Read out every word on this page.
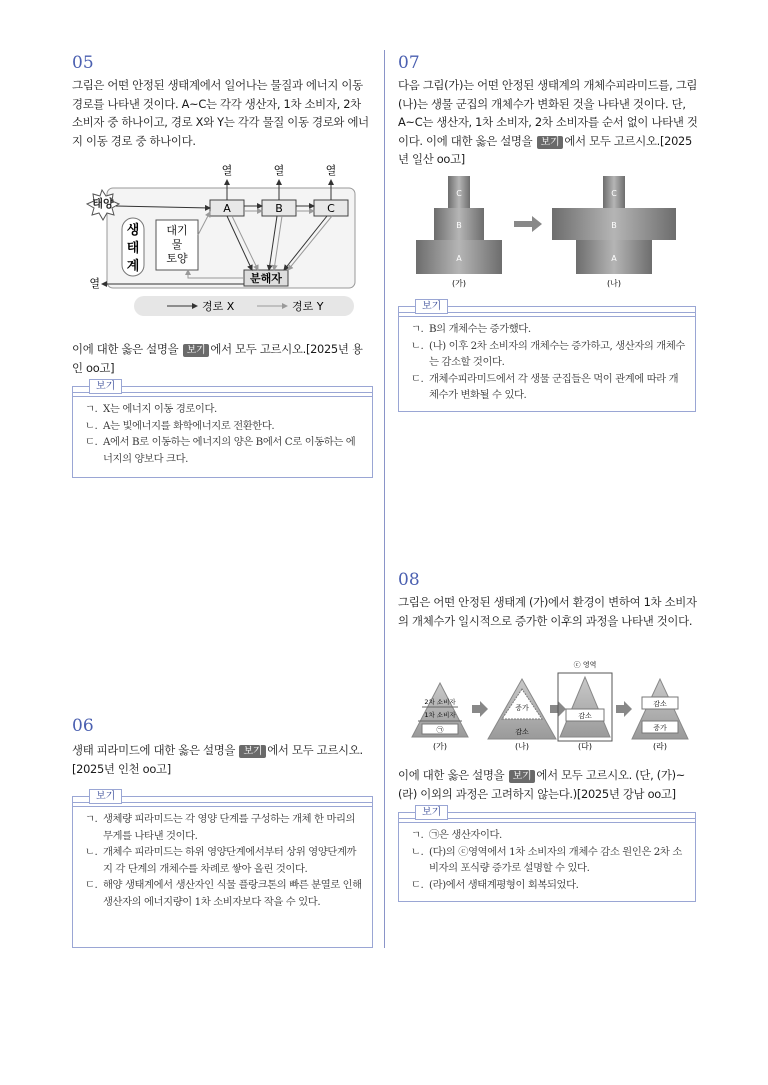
05
그림은 어떤 안정된 생태계에서 일어나는 물질과 에너지 이동 경로를 나타낸 것이다. A~C는 각각 생산자, 1차 소비자, 2차 소비자 중 하나이고, 경로 X와 Y는 각각 물질 이동 경로와 에너지 이동 경로 중 하나이다.
태양
생
태
계
대기
물
토양
A	B	C
열	열	열
분해자
열
경로 X	경로 Y
이에 대한 옳은 설명을 보기 에서 모두 고르시오.[2025년 용인 oo고]
보기
ㄱ. X는 에너지 이동 경로이다.
ㄴ. A는 빛에너지를 화학에너지로 전환한다.
ㄷ. A에서 B로 이동하는 에너지의 양은 B에서 C로 이동하는 에너지의 양보다 크다.
06
생태 피라미드에 대한 옳은 설명을 보기 에서 모두 고르시오.[2025년 인천 oo고]
보기
ㄱ. 생체량 피라미드는 각 영양 단계를 구성하는 개체 한 마리의 무게를 나타낸 것이다.
ㄴ. 개체수 피라미드는 하위 영양단계에서부터 상위 영양단계까지 각 단계의 개체수를 차례로 쌓아 올린 것이다.
ㄷ. 해양 생태계에서 생산자인 식물 플랑크톤의 빠른 분열로 인해 생산자의 에너지량이 1차 소비자보다 작을 수 있다.
07
다음 그림(가)는 어떤 안정된 생태계의 개체수피라미드를, 그림(나)는 생물 군집의 개체수가 변화된 것을 나타낸 것이다. 단, A~C는 생산자, 1차 소비자, 2차 소비자를 순서 없이 나타낸 것이다. 이에 대한 옳은 설명을 보기 에서 모두 고르시오.[2025년 일산 oo고]
C
B
A
(가)
C
B
A
(나)
보기
ㄱ. B의 개체수는 증가했다.
ㄴ. (나) 이후 2차 소비자의 개체수는 증가하고, 생산자의 개체수는 감소할 것이다.
ㄷ. 개체수피라미드에서 각 생물 군집들은 먹이 관계에 따라 개체수가 변화될 수 있다.
08
그림은 어떤 안정된 생태계 (가)에서 환경이 변하여 1차 소비자의 개체수가 일시적으로 증가한 이후의 과정을 나타낸 것이다.
2차 소비자
1차 소비자
㉠
(가)
증가
감소
(나)
ⓒ 영역
감소
(다)
감소
증가
(라)
이에 대한 옳은 설명을 보기 에서 모두 고르시오. (단, (가)~(라) 이외의 과정은 고려하지 않는다.)[2025년 강남 oo고]
보기
ㄱ. ㉠은 생산자이다.
ㄴ. (다)의 ⓒ영역에서 1차 소비자의 개체수 감소 원인은 2차 소비자의 포식량 증가로 설명할 수 있다.
ㄷ. (라)에서 생태계평형이 회복되었다.
